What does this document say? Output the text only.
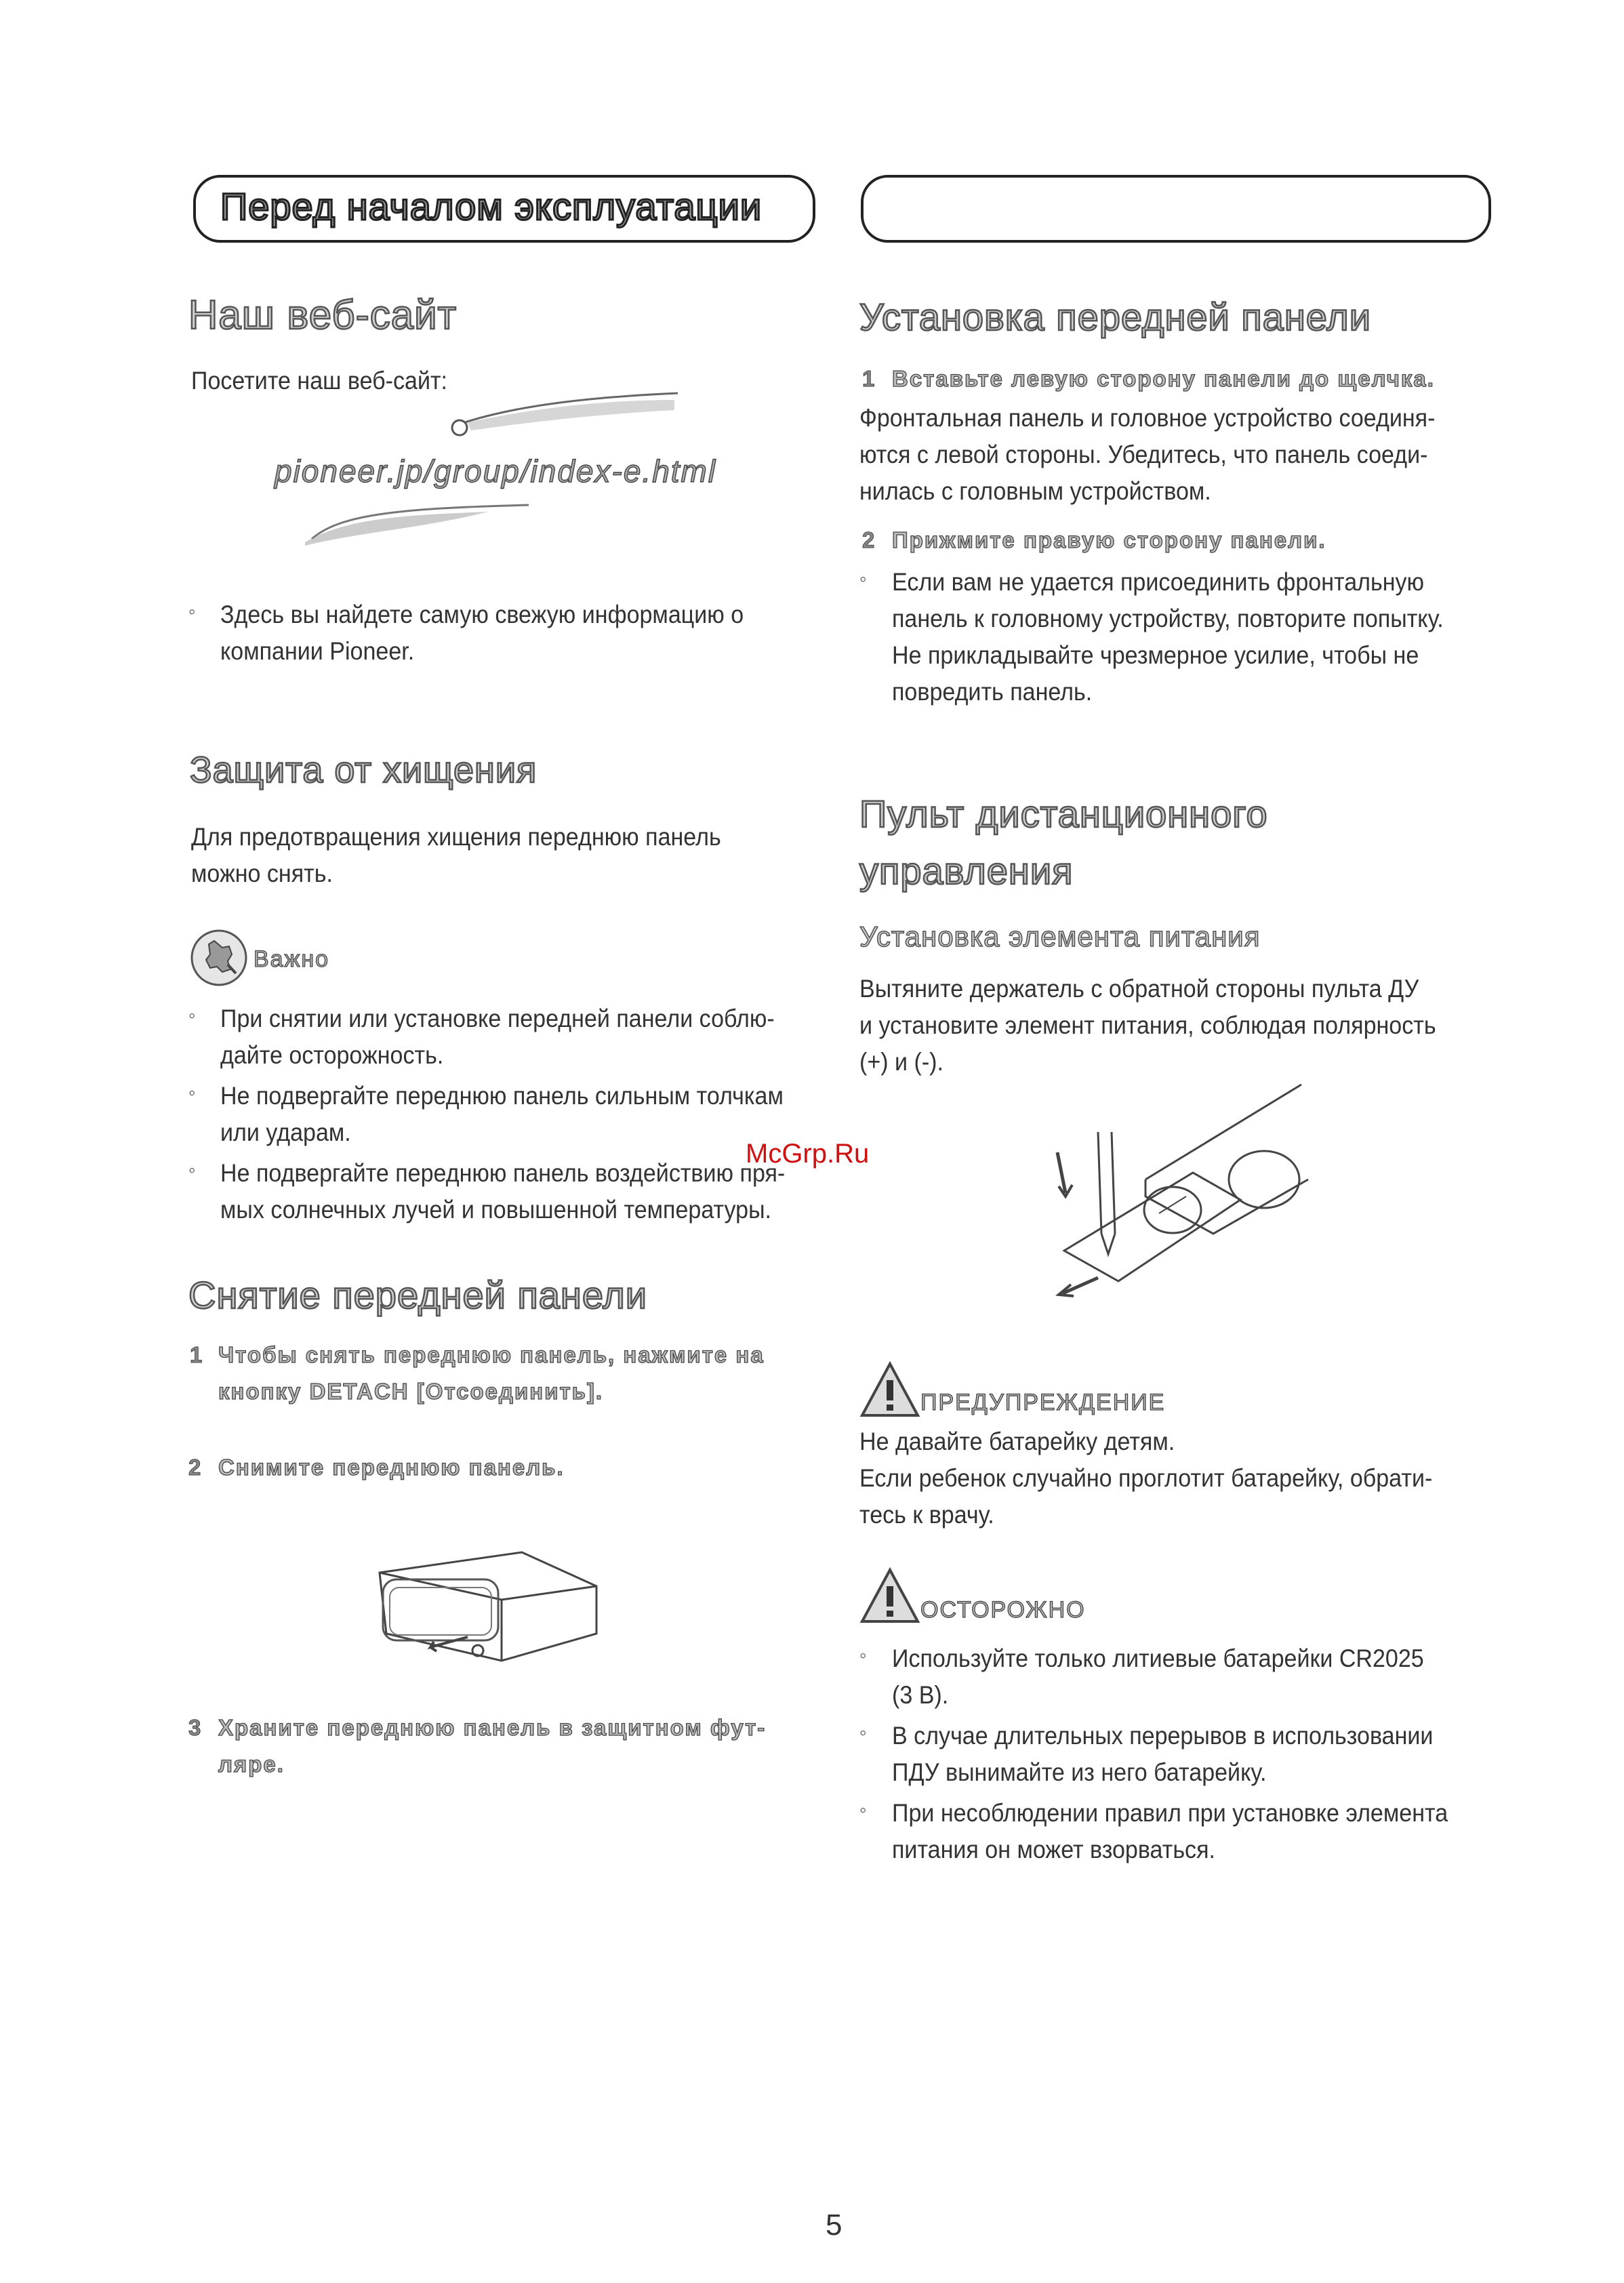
Перед началом эксплуатации
Наш веб-сайт
Посетите наш веб-сайт:
pioneer.jp/group/index-e.html
◦ Здесь вы найдете самую свежую информацию о
компании Pioneer.
Защита от хищения
Для предотвращения хищения переднюю панель
можно снять.
Важно
◦ При снятии или установке передней панели соблю-
дайте осторожность.
◦ Не подвергайте переднюю панель сильным толчкам
или ударам.
◦ Не подвергайте переднюю панель воздействию пря-
мых солнечных лучей и повышенной температуры.
McGrp.Ru
Снятие передней панели
1 Чтобы снять переднюю панель, нажмите на
кнопку DETACH [Отсоединить].
2 Снимите переднюю панель.
3 Храните переднюю панель в защитном фут-
ляре.
Установка передней панели
1 Вставьте левую сторону панели до щелчка.
Фронтальная панель и головное устройство соединя-
ются с левой стороны. Убедитесь, что панель соеди-
нилась с головным устройством.
2 Прижмите правую сторону панели.
◦ Если вам не удается присоединить фронтальную
панель к головному устройству, повторите попытку.
Не прикладывайте чрезмерное усилие, чтобы не
повредить панель.
Пульт дистанционного
управления
Установка элемента питания
Вытяните держатель с обратной стороны пульта ДУ
и установите элемент питания, соблюдая полярность
(+) и (-).
ПРЕДУПРЕЖДЕНИЕ
Не давайте батарейку детям.
Если ребенок случайно проглотит батарейку, обрати-
тесь к врачу.
ОСТОРОЖНО
◦ Используйте только литиевые батарейки CR2025
(3 В).
◦ В случае длительных перерывов в использовании
ПДУ вынимайте из него батарейку.
◦ При несоблюдении правил при установке элемента
питания он может взорваться.
5
